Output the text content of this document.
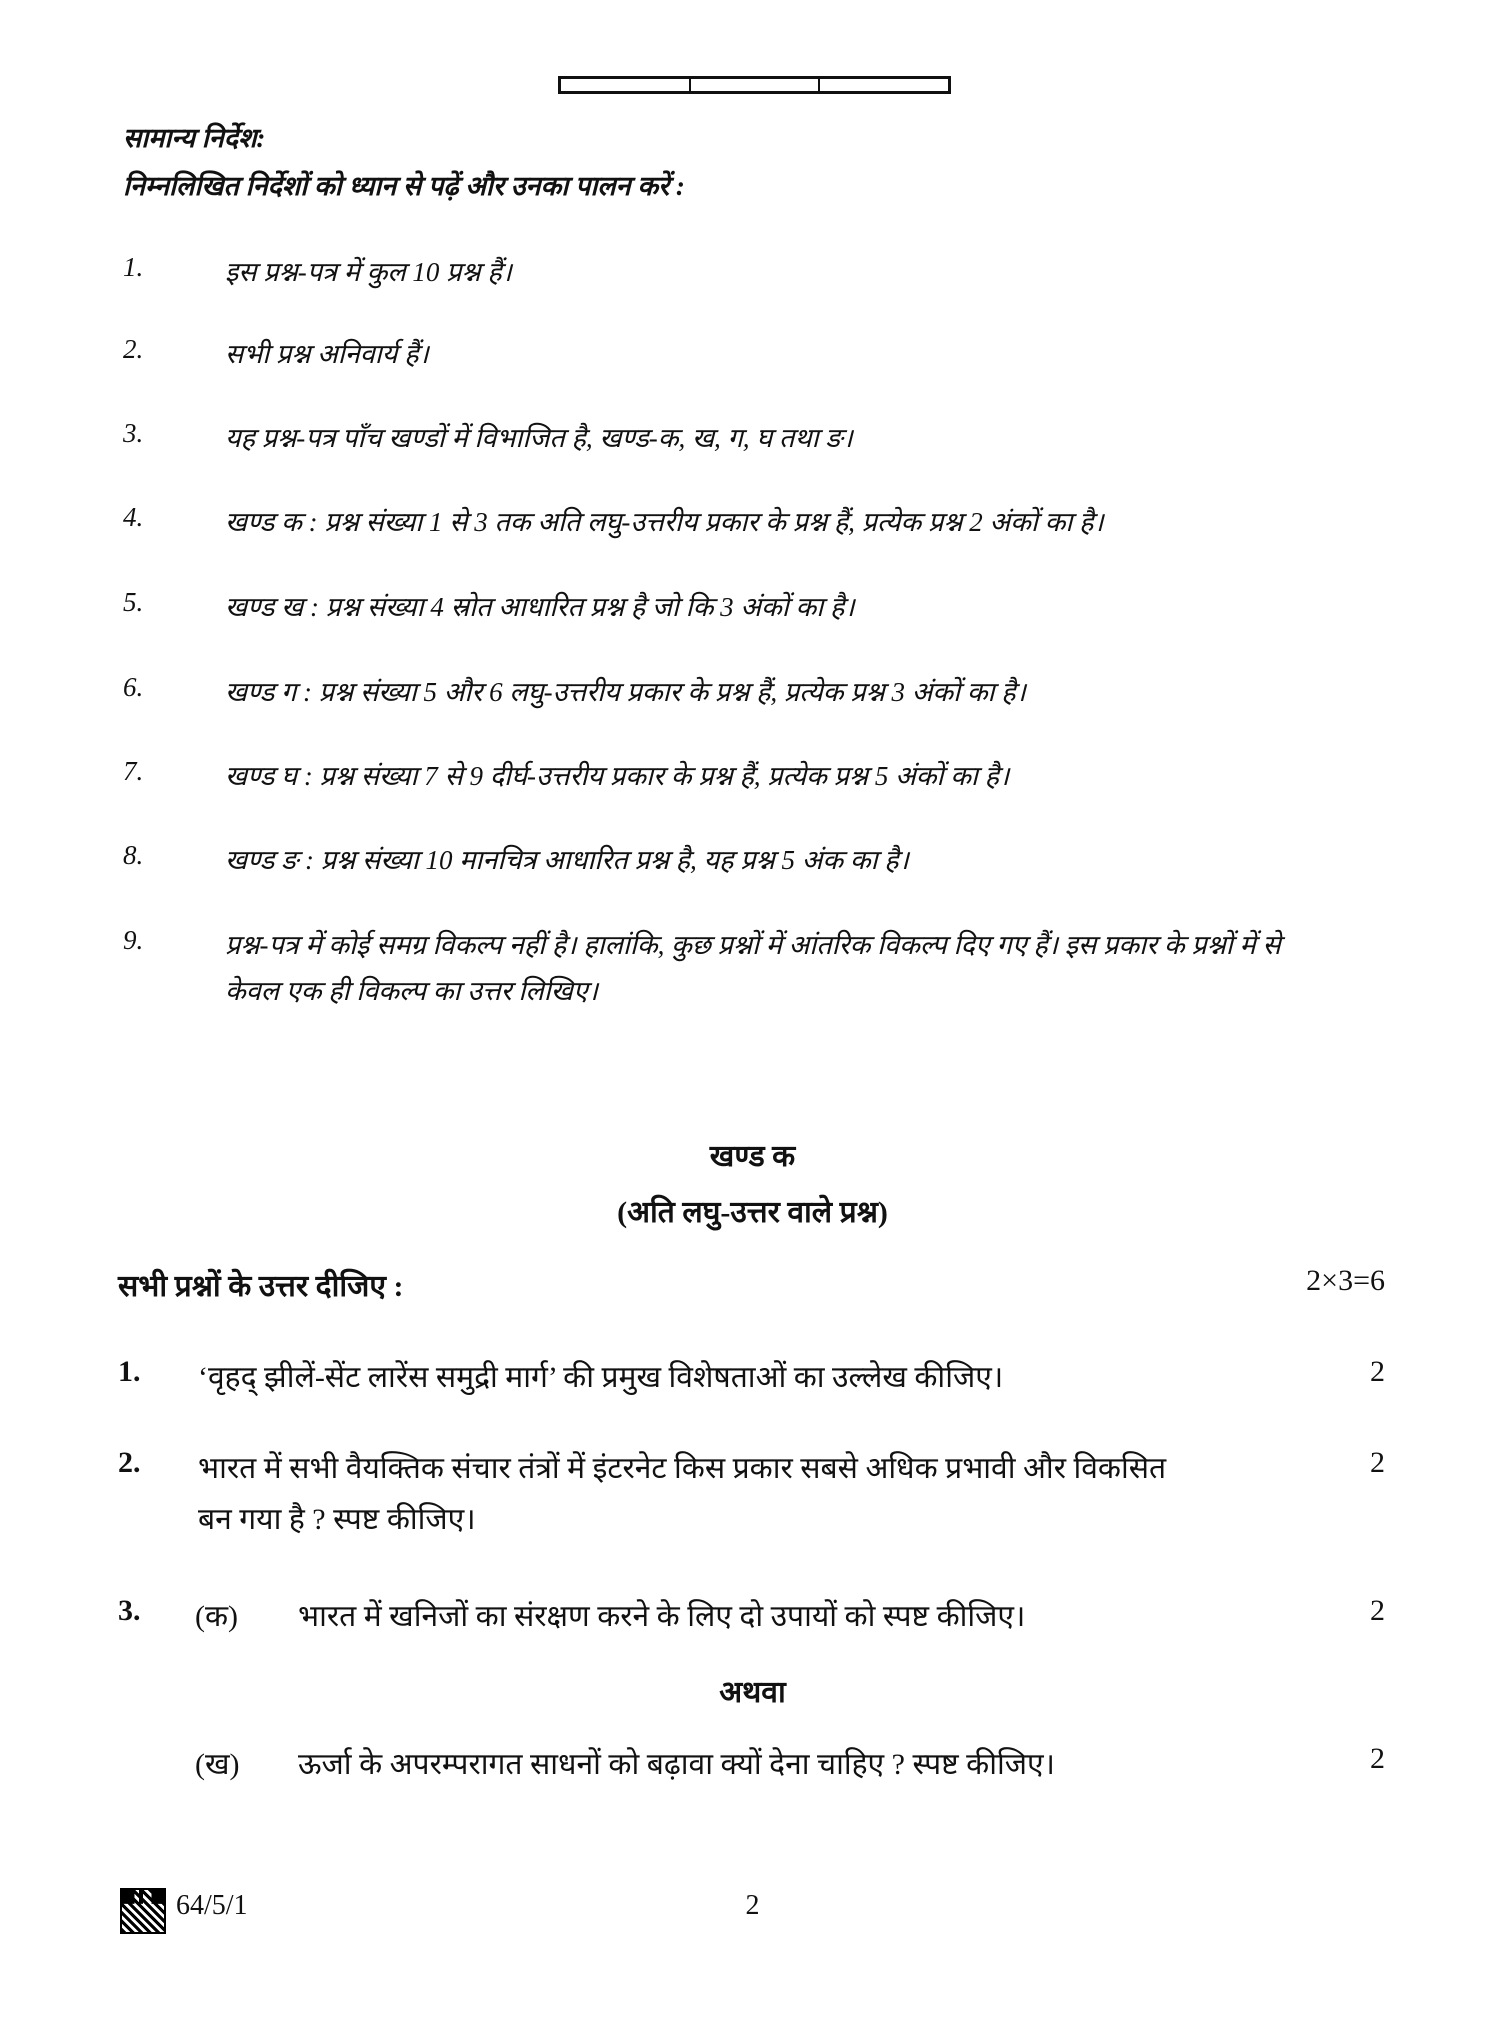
सामान्य निर्देश:
निम्नलिखित निर्देशों को ध्यान से पढ़ें और उनका पालन करें :
1.	इस प्रश्न-पत्र में कुल 10 प्रश्न हैं।
2.	सभी प्रश्न अनिवार्य हैं।
3.	यह प्रश्न-पत्र पाँच खण्डों में विभाजित है, खण्ड-क, ख, ग, घ तथा ङ।
4.	खण्ड क : प्रश्न संख्या 1 से 3 तक अति लघु-उत्तरीय प्रकार के प्रश्न हैं, प्रत्येक प्रश्न 2 अंकों का है।
5.	खण्ड ख : प्रश्न संख्या 4 स्रोत आधारित प्रश्न है जो कि 3 अंकों का है।
6.	खण्ड ग : प्रश्न संख्या 5 और 6 लघु-उत्तरीय प्रकार के प्रश्न हैं, प्रत्येक प्रश्न 3 अंकों का है।
7.	खण्ड घ : प्रश्न संख्या 7 से 9 दीर्घ-उत्तरीय प्रकार के प्रश्न हैं, प्रत्येक प्रश्न 5 अंकों का है।
8.	खण्ड ङ : प्रश्न संख्या 10 मानचित्र आधारित प्रश्न है, यह प्रश्न 5 अंक का है।
9.	प्रश्न-पत्र में कोई समग्र विकल्प नहीं है। हालांकि, कुछ प्रश्नों में आंतरिक विकल्प दिए गए हैं। इस प्रकार के प्रश्नों में से
केवल एक ही विकल्प का उत्तर लिखिए।
खण्ड क
(अति लघु-उत्तर वाले प्रश्न)
सभी प्रश्नों के उत्तर दीजिए :	2×3=6
1. ‘वृहद् झीलें-सेंट लारेंस समुद्री मार्ग’ की प्रमुख विशेषताओं का उल्लेख कीजिए।	2
2. भारत में सभी वैयक्तिक संचार तंत्रों में इंटरनेट किस प्रकार सबसे अधिक प्रभावी और विकसित
बन गया है ? स्पष्ट कीजिए।
2
3. (क) भारत में खनिजों का संरक्षण करने के लिए दो उपायों को स्पष्ट कीजिए।	2
अथवा
(ख) ऊर्जा के अपरम्परागत साधनों को बढ़ावा क्यों देना चाहिए ? स्पष्ट कीजिए।	2
64/5/1	2
